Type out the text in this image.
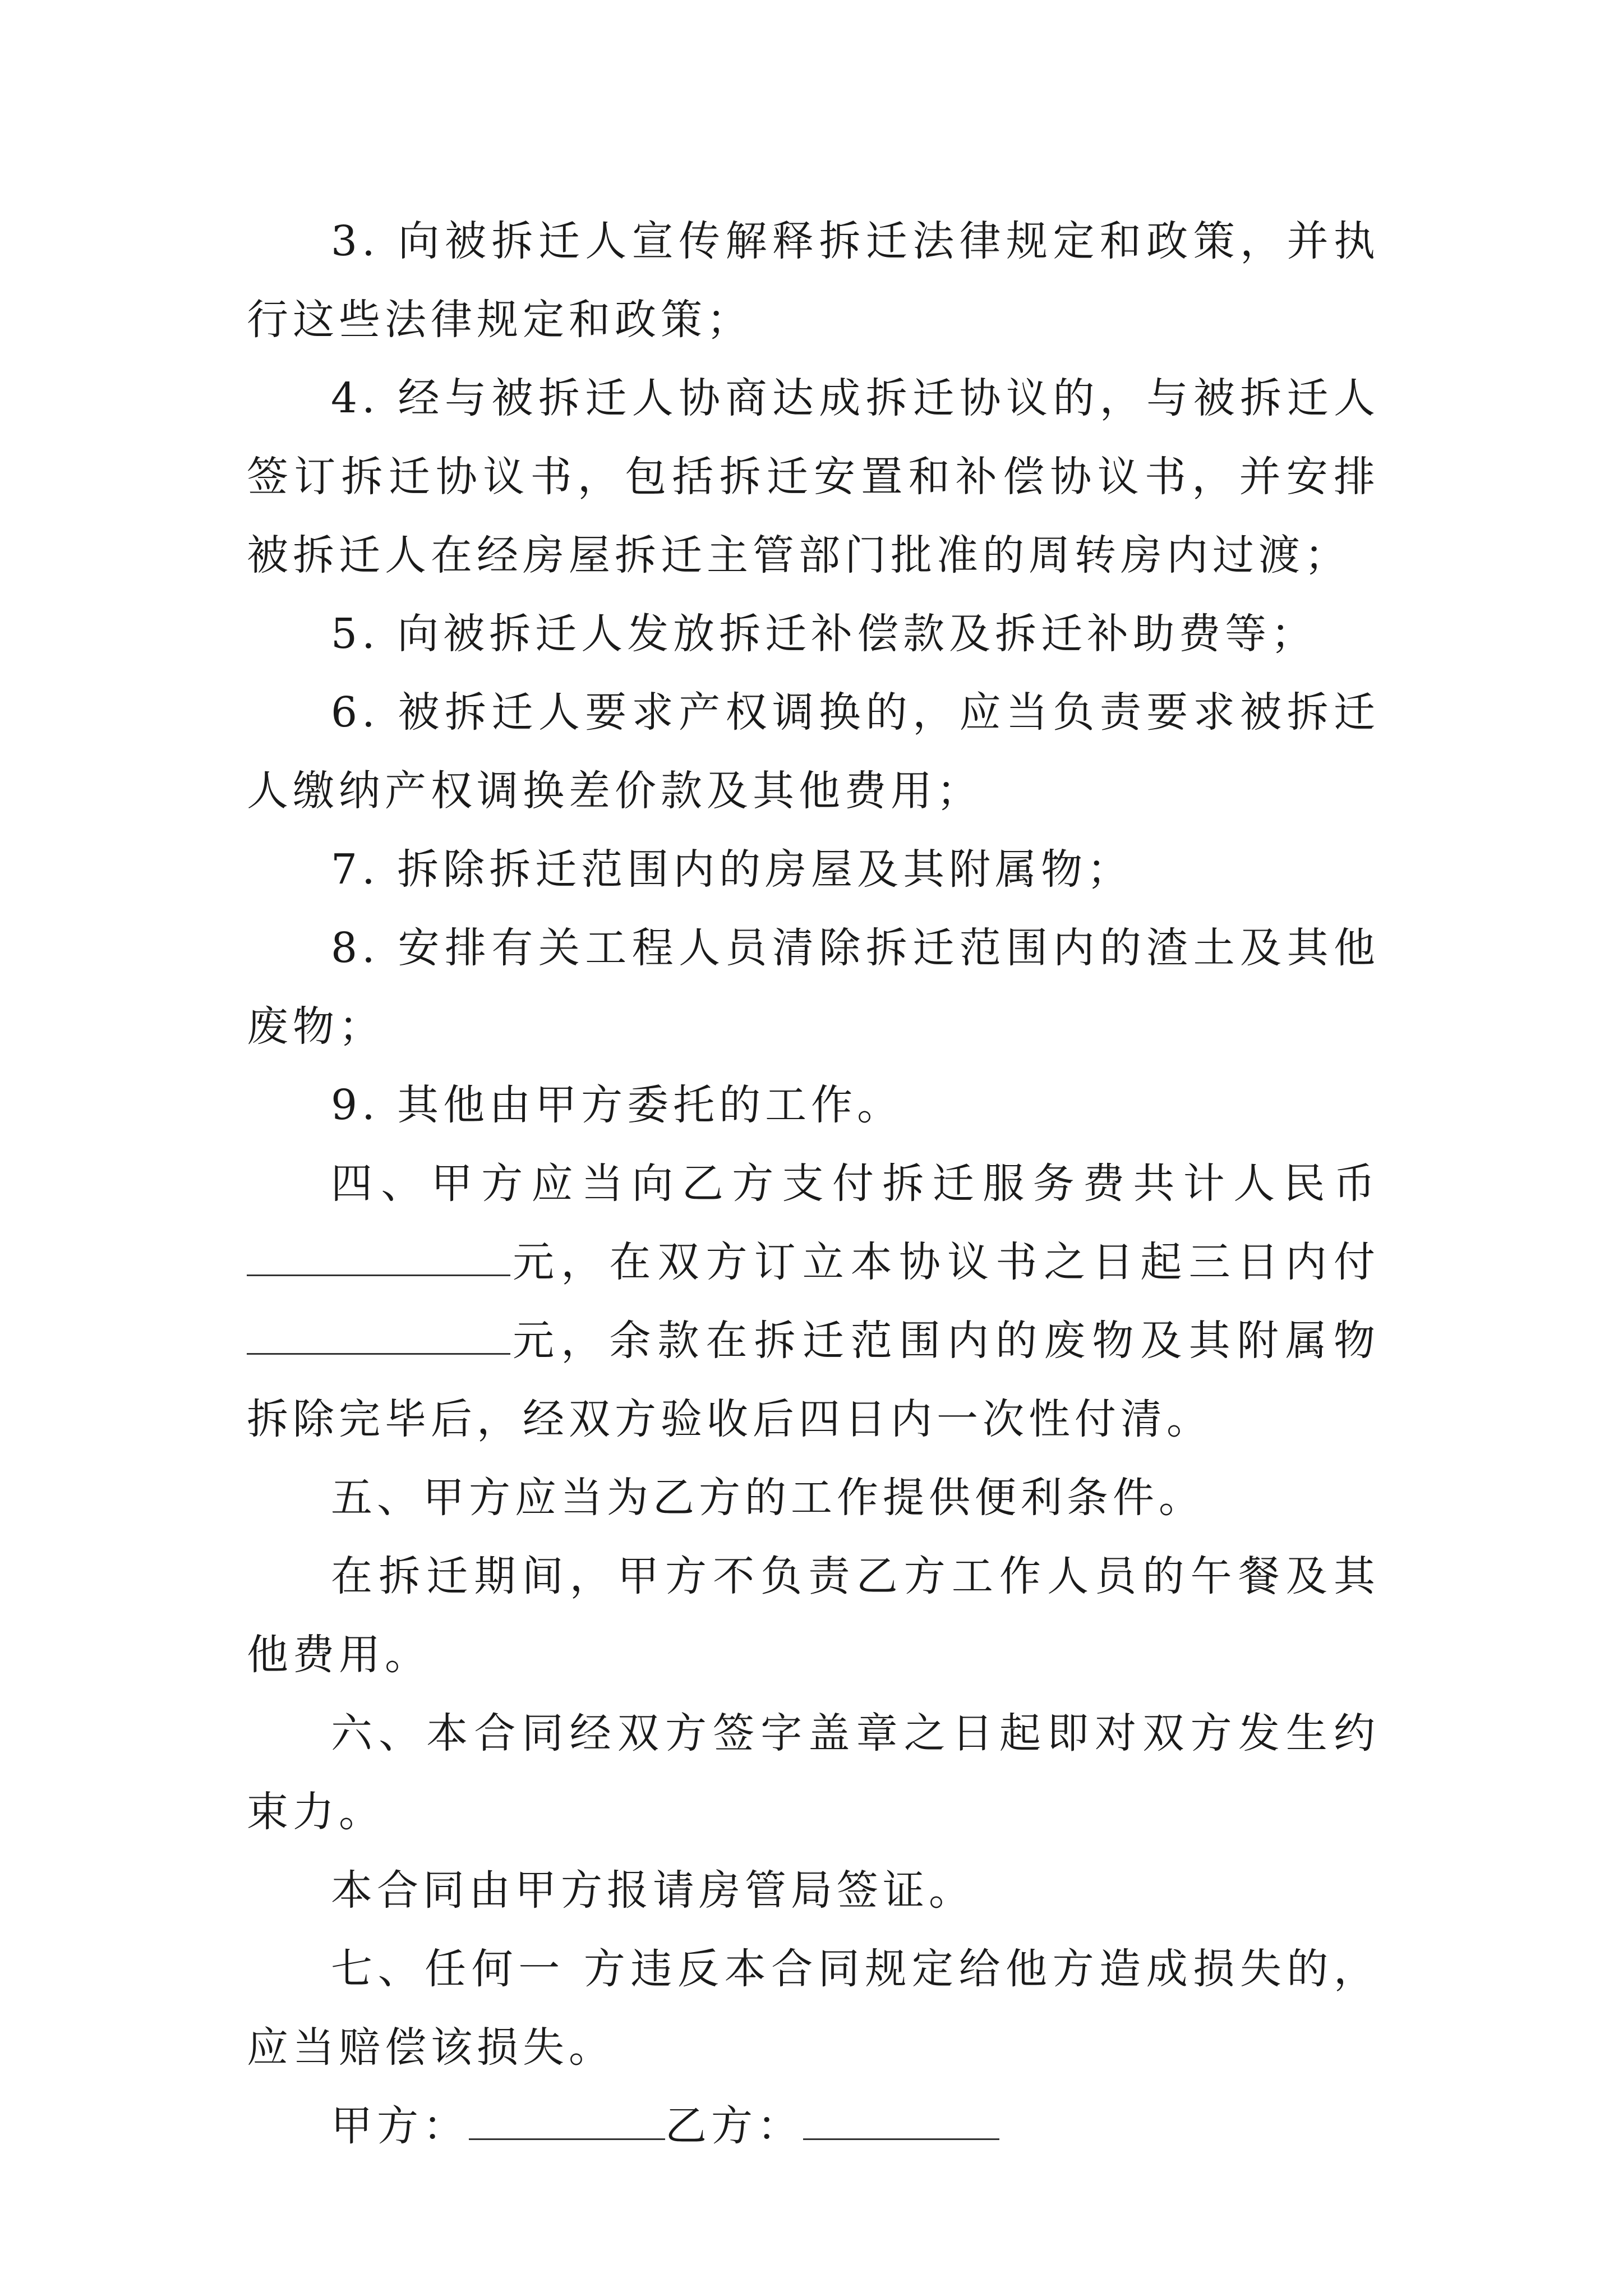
3. 向被拆迁人宣传解释拆迁法律规定和政策，并执行这些法律规定和政策；

4. 经与被拆迁人协商达成拆迁协议的，与被拆迁人签订拆迁协议书，包括拆迁安置和补偿协议书，并安排被拆迁人在经房屋拆迁主管部门批准的周转房内过渡；

5. 向被拆迁人发放拆迁补偿款及拆迁补助费等；

6. 被拆迁人要求产权调换的，应当负责要求被拆迁人缴纳产权调换差价款及其他费用；

7. 拆除拆迁范围内的房屋及其附属物；

8. 安排有关工程人员清除拆迁范围内的渣土及其他废物；

9. 其他由甲方委托的工作。

四、甲方应当向乙方支付拆迁服务费共计人民币元，在双方订立本协议书之日起三日内付元，余款在拆迁范围内的废物及其附属物拆除完毕后，经双方验收后四日内一次性付清。

五、甲方应当为乙方的工作提供便利条件。

在拆迁期间，甲方不负责乙方工作人员的午餐及其他费用。

六、本合同经双方签字盖章之日起即对双方发生约束力。

本合同由甲方报请房管局签证。

七、任何一 方违反本合同规定给他方造成损失的，应当赔偿该损失。

甲方：	乙方：
